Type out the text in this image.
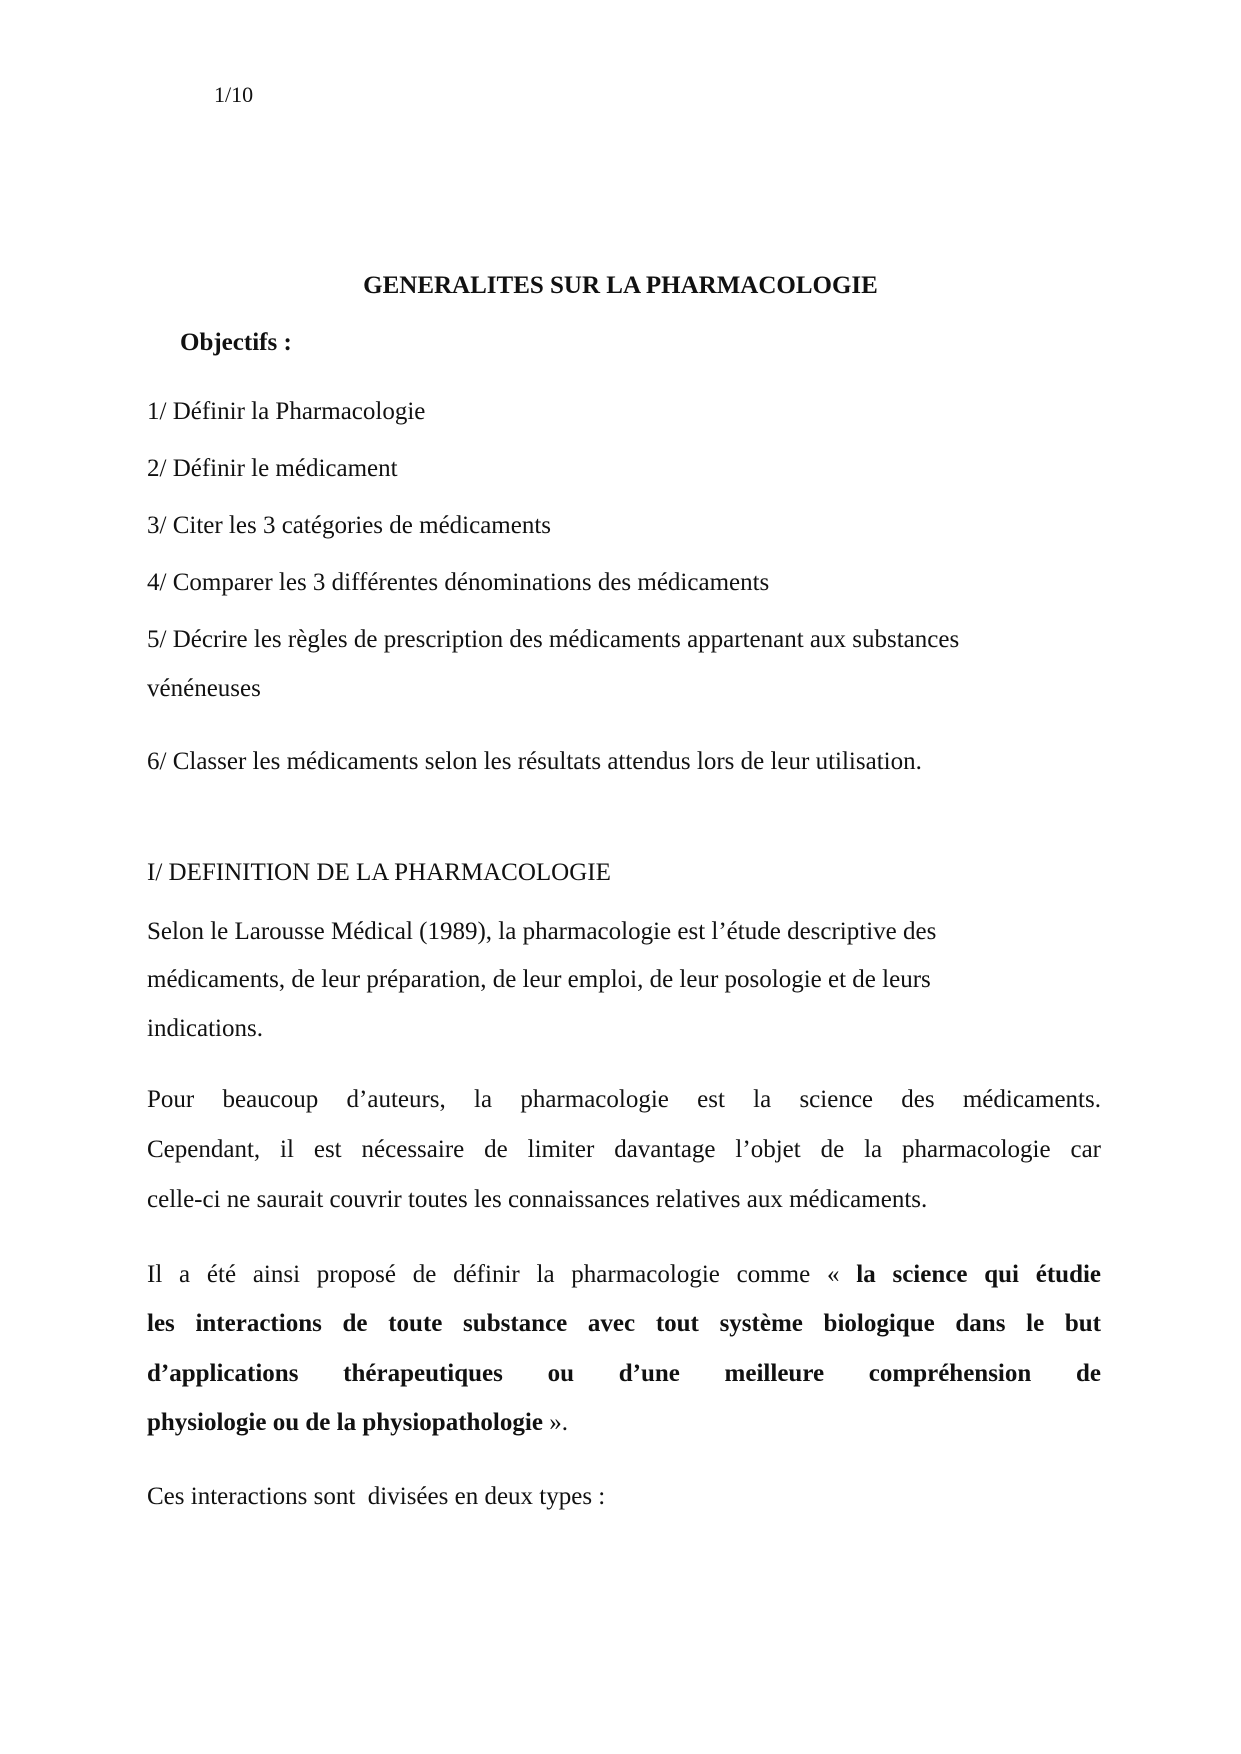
1/10
GENERALITES SUR LA PHARMACOLOGIE
Objectifs :
1/ Définir la Pharmacologie
2/ Définir le médicament
3/ Citer les 3 catégories de médicaments
4/ Comparer les 3 différentes dénominations des médicaments
5/ Décrire les règles de prescription des médicaments appartenant aux substances
vénéneuses
6/ Classer les médicaments selon les résultats attendus lors de leur utilisation.
I/ DEFINITION DE LA PHARMACOLOGIE
Selon le Larousse Médical (1989), la pharmacologie est l’étude descriptive des
médicaments, de leur préparation, de leur emploi, de leur posologie et de leurs
indications.
Pour beaucoup d’auteurs, la pharmacologie est la science des médicaments.
Cependant, il est nécessaire de limiter davantage l’objet de la pharmacologie car
celle-ci ne saurait couvrir toutes les connaissances relatives aux médicaments.
Il a été ainsi proposé de définir la pharmacologie comme « la science qui étudie
les interactions de toute substance avec tout système biologique dans le but
d’applications thérapeutiques ou d’une meilleure compréhension de
physiologie ou de la physiopathologie ».
Ces interactions sont  divisées en deux types :
